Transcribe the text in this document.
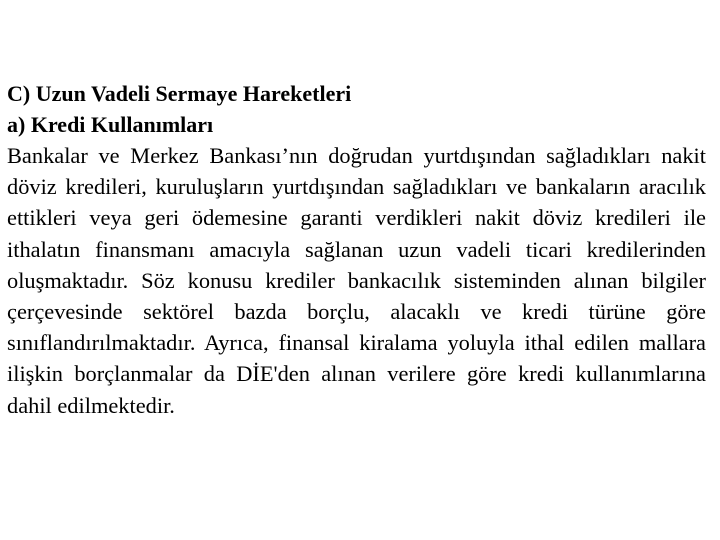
C) Uzun Vadeli Sermaye Hareketleri

a) Kredi Kullanımları

Bankalar ve Merkez Bankası’nın doğrudan yurtdışından sağladıkları nakit döviz kredileri, kuruluşların yurtdışından sağladıkları ve bankaların aracılık ettikleri veya geri ödemesine garanti verdikleri nakit döviz kredileri ile ithalatın finansmanı amacıyla sağlanan uzun vadeli ticari kredilerinden oluşmaktadır. Söz konusu krediler bankacılık sisteminden alınan bilgiler çerçevesinde sektörel bazda borçlu, alacaklı ve kredi türüne göre sınıflandırılmaktadır. Ayrıca, finansal kiralama yoluyla ithal edilen mallara ilişkin borçlanmalar da DİE'den alınan verilere göre kredi kullanımlarına dahil edilmektedir.
